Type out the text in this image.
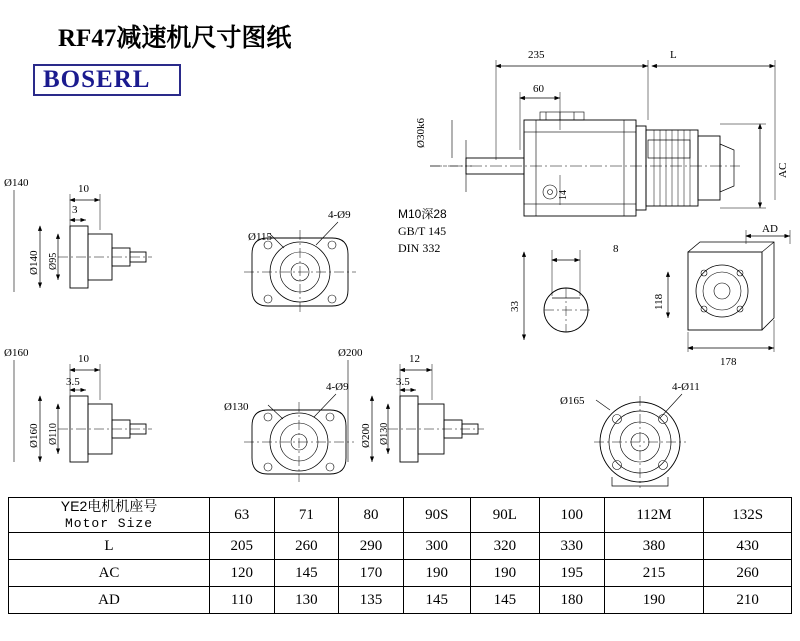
RF47减速机尺寸图纸
BOSERL
235	L
60
Ø30k6
AC
AD
14
M10深28
GB/T 145
DIN 332	8
33	118
178
Ø140	10
3
Ø140 Ø95
Ø115
4-Ø9
Ø160	10
3.5
Ø160 Ø110
Ø130
4-Ø9
Ø200	12
3.5
Ø200 Ø130
4-Ø11
Ø165
YE2电机机座号
Motor Size	63	71	80	90S	90L	100	112M	132S
L	205	260	290	300	320	330	380	430
AC	120	145	170	190	190	195	215	260
AD	110	130	135	145	145	180	190	210
